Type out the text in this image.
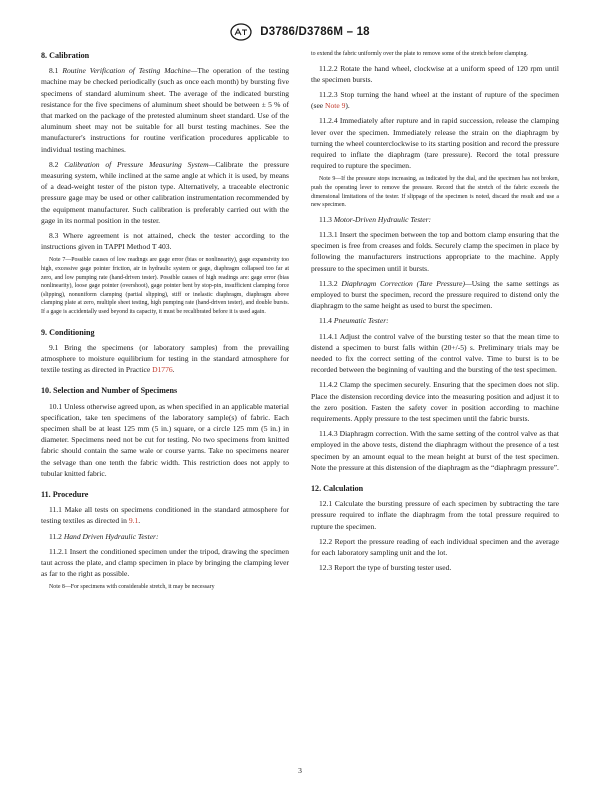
D3786/D3786M – 18
8. Calibration

8.1 Routine Verification of Testing Machine—The operation of the testing machine may be checked periodically (such as once each month) by bursting five specimens of standard aluminum sheet. The average of the indicated bursting resistance for the five specimens of aluminum sheet should be between ± 5 % of that marked on the package of the pretested aluminum sheet standard. Use of the aluminum sheet may not be suitable for all burst testing machines. See the manufacturer's instructions for routine verification procedures applicable to individual testing machines.

8.2 Calibration of Pressure Measuring System—Calibrate the pressure measuring system, while inclined at the same angle at which it is used, by means of a dead-weight tester of the piston type. Alternatively, a traceable electronic pressure gage may be used or other calibration instrumentation recommended by the equipment manufacturer. Such calibration is preferably carried out with the gage in its normal position in the tester.

8.3 Where agreement is not attained, check the tester according to the instructions given in TAPPI Method T 403.

Note 7—Possible causes of low readings are gage error (bias or nonlinearity), gage expansivity too high, excessive gage pointer friction, air in hydraulic system or gage, diaphragm collapsed too far at zero, and low pumping rate (hand-driven tester). Possible causes of high readings are: gage error (bias nonlinearity), loose gage pointer (overshoot), gage pointer bent by stop-pin, insufficient clamping force (slipping), nonuniform clamping (partial slipping), stiff or inelastic diaphragm, diaphragm above clamping plate at zero, multiple sheet testing, high pumping rate (hand-driven tester), and double bursts. If a gage is accidentally used beyond its capacity, it must be recalibrated before it is used again.

9. Conditioning

9.1 Bring the specimens (or laboratory samples) from the prevailing atmosphere to moisture equilibrium for testing in the standard atmosphere for textile testing as directed in Practice D1776.

10. Selection and Number of Specimens

10.1 Unless otherwise agreed upon, as when specified in an applicable material specification, take ten specimens of the laboratory sample(s) of fabric. Each specimen shall be at least 125 mm (5 in.) square, or a circle 125 mm (5 in.) in diameter. Specimens need not be cut for testing. No two specimens from knitted fabric should contain the same wale or course yarns. Take no specimens nearer the selvage than one tenth the fabric width. This restriction does not apply to tubular knitted fabric.

11. Procedure

11.1 Make all tests on specimens conditioned in the standard atmosphere for testing textiles as directed in 9.1.

11.2 Hand Driven Hydraulic Tester:

11.2.1 Insert the conditioned specimen under the tripod, drawing the specimen taut across the plate, and clamp specimen in place by bringing the clamping lever as far to the right as possible.

Note 8—For specimens with considerable stretch, it may be necessary

to extend the fabric uniformly over the plate to remove some of the stretch before clamping.

11.2.2 Rotate the hand wheel, clockwise at a uniform speed of 120 rpm until the specimen bursts.

11.2.3 Stop turning the hand wheel at the instant of rupture of the specimen (see Note 9).

11.2.4 Immediately after rupture and in rapid succession, release the clamping lever over the specimen. Immediately release the strain on the diaphragm by turning the wheel counterclockwise to its starting position and record the pressure required to inflate the diaphragm (tare pressure). Record the total pressure required to rupture the specimen.

Note 9—If the pressure stops increasing, as indicated by the dial, and the specimen has not broken, push the operating lever to remove the pressure. Record that the stretch of the fabric exceeds the dimensional limitations of the tester. If slippage of the specimen is noted, discard the result and use a new specimen.

11.3 Motor-Driven Hydraulic Tester:

11.3.1 Insert the specimen between the top and bottom clamp ensuring that the specimen is free from creases and folds. Securely clamp the specimen in place by following the manufacturers instructions appropriate to the machine. Apply pressure to the specimen until it bursts.

11.3.2 Diaphragm Correction (Tare Pressure)—Using the same settings as employed to burst the specimen, record the pressure required to distend only the diaphragm to the same height as used to burst the specimen.

11.4 Pneumatic Tester:

11.4.1 Adjust the control valve of the bursting tester so that the mean time to distend a specimen to burst falls within (20+/-5) s. Preliminary trials may be needed to fix the correct setting of the control valve. Time to burst is to be recorded between the beginning of vaulting and the bursting of the test specimen.

11.4.2 Clamp the specimen securely. Ensuring that the specimen does not slip. Place the distension recording device into the measuring position and adjust it to the zero position. Fasten the safety cover in position according to machine requirements. Apply pressure to the test specimen until the fabric bursts.

11.4.3 Diaphragm correction. With the same setting of the control valve as that employed in the above tests, distend the diaphragm without the presence of a test specimen by an amount equal to the mean height at burst of the test specimen. Note the pressure at this distension of the diaphragm as the “diaphragm pressure”.

12. Calculation

12.1 Calculate the bursting pressure of each specimen by subtracting the tare pressure required to inflate the diaphragm from the total pressure required to rupture the specimen.

12.2 Report the pressure reading of each individual specimen and the average for each laboratory sampling unit and the lot.

12.3 Report the type of bursting tester used.

3
